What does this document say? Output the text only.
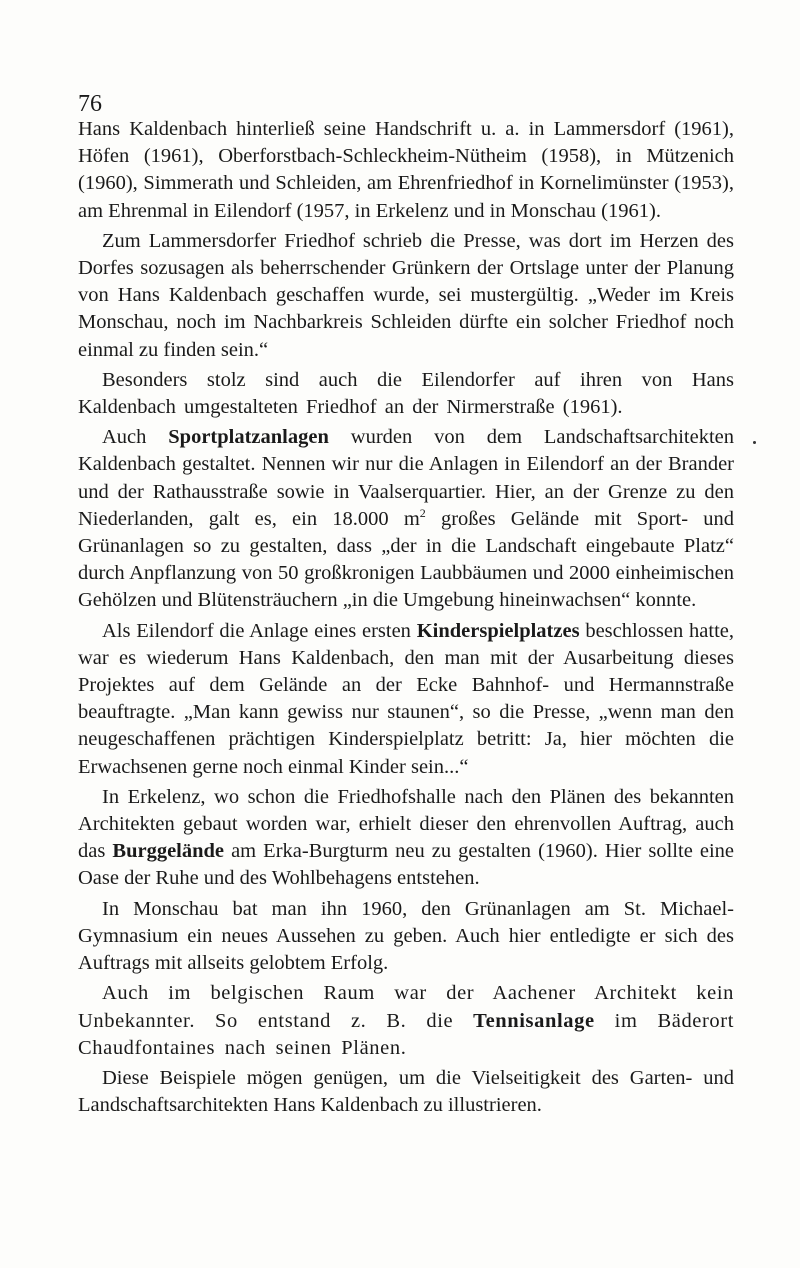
76

Hans Kaldenbach hinterließ seine Handschrift u. a. in Lammersdorf (1961), Höfen (1961), Oberforstbach-Schleckheim-Nütheim (1958), in Mützenich (1960), Simmerath und Schleiden, am Ehrenfriedhof in Kornelimünster (1953), am Ehrenmal in Eilendorf (1957, in Erkelenz und in Monschau (1961).

Zum Lammersdorfer Friedhof schrieb die Presse, was dort im Herzen des Dorfes sozusagen als beherrschender Grünkern der Ortslage unter der Planung von Hans Kaldenbach geschaffen wurde, sei mustergültig. „Weder im Kreis Monschau, noch im Nachbarkreis Schleiden dürfte ein solcher Friedhof noch einmal zu finden sein.“

Besonders stolz sind auch die Eilendorfer auf ihren von Hans Kaldenbach umgestalteten Friedhof an der Nirmerstraße (1961).

Auch Sportplatzanlagen wurden von dem Landschaftsarchitekten Kaldenbach gestaltet. Nennen wir nur die Anlagen in Eilendorf an der Brander und der Rathausstraße sowie in Vaalserquartier. Hier, an der Grenze zu den Niederlanden, galt es, ein 18.000 $m^2$ großes Gelände mit Sport- und Grünanlagen so zu gestalten, dass „der in die Landschaft eingebaute Platz“ durch Anpflanzung von 50 großkronigen Laubbäumen und 2000 einheimischen Gehölzen und Blütensträuchern „in die Umgebung hineinwachsen“ konnte.

Als Eilendorf die Anlage eines ersten Kinderspielplatzes beschlossen hatte, war es wiederum Hans Kaldenbach, den man mit der Ausarbeitung dieses Projektes auf dem Gelände an der Ecke Bahnhof- und Hermannstraße beauftragte. „Man kann gewiss nur staunen“, so die Presse, „wenn man den neugeschaffenen prächtigen Kinderspielplatz betritt: Ja, hier möchten die Erwachsenen gerne noch einmal Kinder sein...“

In Erkelenz, wo schon die Friedhofshalle nach den Plänen des bekannten Architekten gebaut worden war, erhielt dieser den ehrenvollen Auftrag, auch das Burggelände am Erka-Burgturm neu zu gestalten (1960). Hier sollte eine Oase der Ruhe und des Wohlbehagens entstehen.

In Monschau bat man ihn 1960, den Grünanlagen am St. Michael-Gymnasium ein neues Aussehen zu geben. Auch hier entledigte er sich des Auftrags mit allseits gelobtem Erfolg.

Auch im belgischen Raum war der Aachener Architekt kein Unbekannter. So entstand z. B. die Tennisanlage im Bäderort Chaudfontaines nach seinen Plänen.

Diese Beispiele mögen genügen, um die Vielseitigkeit des Garten- und Landschaftsarchitekten Hans Kaldenbach zu illustrieren.
